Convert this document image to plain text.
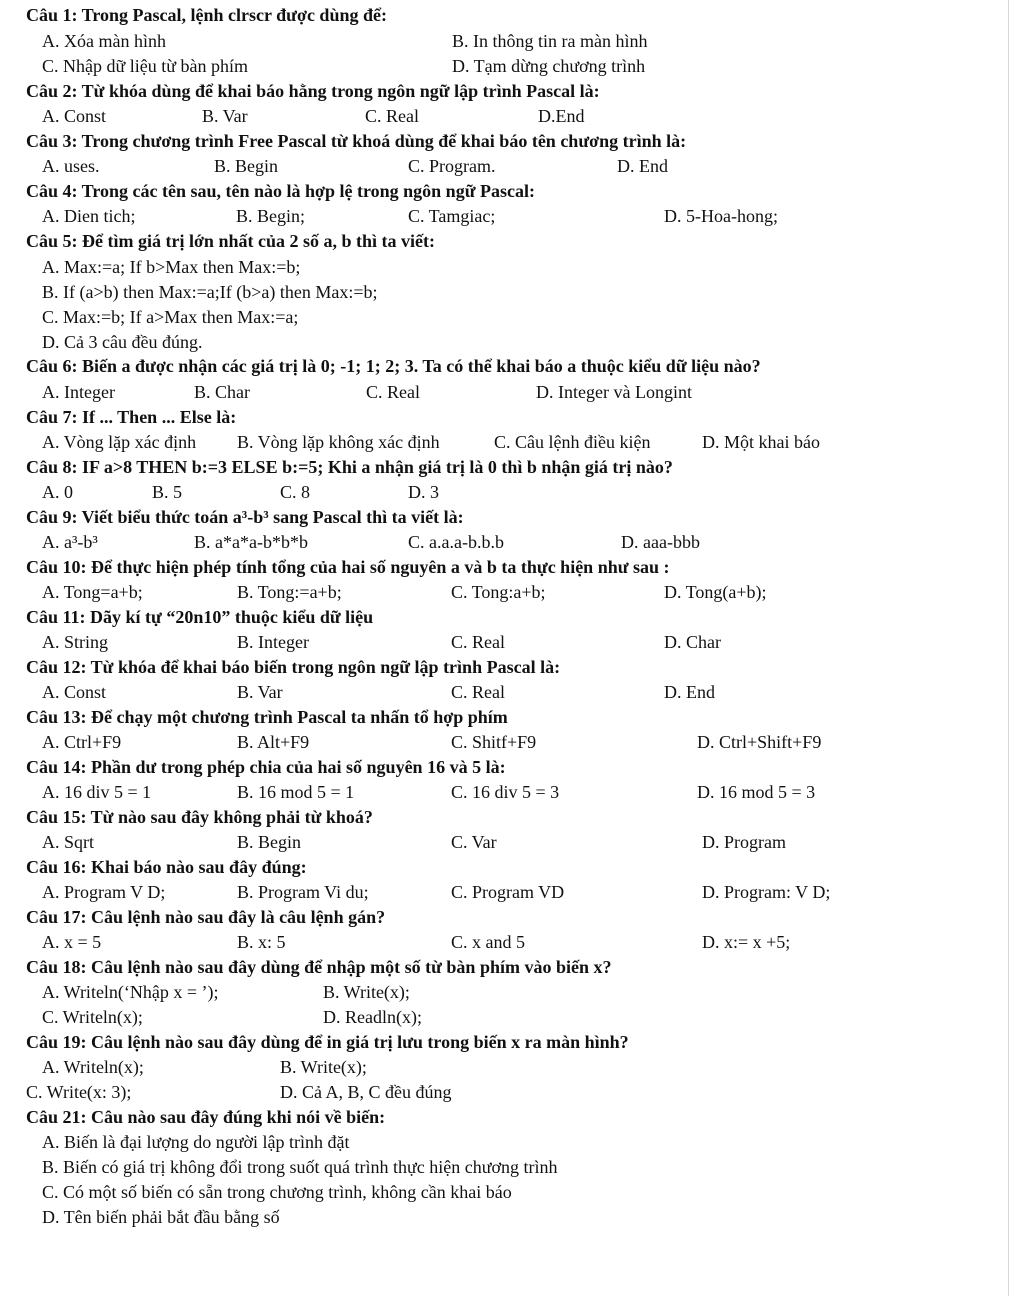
Câu 1: Trong Pascal, lệnh clrscr được dùng để:
A. Xóa màn hình	B. In thông tin ra màn hình
C. Nhập dữ liệu từ bàn phím	D. Tạm dừng chương trình
Câu 2: Từ khóa dùng để khai báo hằng trong ngôn ngữ lập trình Pascal là:
A. Const	B. Var	C. Real	D.End
Câu 3: Trong chương trình Free Pascal từ khoá dùng để khai báo tên chương trình là:
A. uses.	B. Begin	C. Program.	D. End
Câu 4: Trong các tên sau, tên nào là hợp lệ trong ngôn ngữ Pascal:
A. Dien tich;	B. Begin;	C. Tamgiac;	D. 5-Hoa-hong;
Câu 5: Để tìm giá trị lớn nhất của 2 số a, b thì ta viết:
A. Max:=a; If b>Max then Max:=b;
B. If (a>b) then Max:=a;If (b>a) then Max:=b;
C. Max:=b; If a>Max then Max:=a;
D. Cả 3 câu đều đúng.
Câu 6: Biến a được nhận các giá trị là 0; -1; 1; 2; 3. Ta có thể khai báo a thuộc kiểu dữ liệu nào?
A. Integer	B. Char	C. Real	D. Integer và Longint
Câu 7: If ... Then ... Else là:
A. Vòng lặp xác định B. Vòng lặp không xác định	C. Câu lệnh điều kiện	D. Một khai báo
Câu 8: IF a>8 THEN b:=3 ELSE b:=5; Khi a nhận giá trị là 0 thì b nhận giá trị nào?
A. 0	B. 5	C. 8	D. 3
Câu 9: Viết biểu thức toán a³-b³ sang Pascal thì ta viết là:
A. a³-b³	B. a*a*a-b*b*b	C. a.a.a-b.b.b	D. aaa-bbb
Câu 10: Để thực hiện phép tính tổng của hai số nguyên a và b ta thực hiện như sau :
A. Tong=a+b;	B. Tong:=a+b;	C. Tong:a+b;	D. Tong(a+b);
Câu 11: Dãy kí tự “20n10” thuộc kiểu dữ liệu
A. String	B. Integer	C. Real	D. Char
Câu 12: Từ khóa để khai báo biến trong ngôn ngữ lập trình Pascal là:
A. Const	B. Var	C. Real	D. End
Câu 13: Để chạy một chương trình Pascal ta nhấn tổ hợp phím
A. Ctrl+F9	B. Alt+F9	C. Shitf+F9	D. Ctrl+Shift+F9
Câu 14: Phần dư trong phép chia của hai số nguyên 16 và 5 là:
A. 16 div 5 = 1	B. 16 mod 5 = 1	C. 16 div 5 = 3	D. 16 mod 5 = 3
Câu 15: Từ nào sau đây không phải từ khoá?
A. Sqrt	B. Begin	C. Var	D. Program
Câu 16: Khai báo nào sau đây đúng:
A. Program V D;	B. Program Vi du;	C. Program VD	D. Program: V D;
Câu 17: Câu lệnh nào sau đây là câu lệnh gán?
A. x = 5	B. x: 5	C. x and 5	D. x:= x +5;
Câu 18: Câu lệnh nào sau đây dùng để nhập một số từ bàn phím vào biến x?
A. Writeln(‘Nhập x = ’);	B. Write(x);
C. Writeln(x);	D. Readln(x);
Câu 19: Câu lệnh nào sau đây dùng để in giá trị lưu trong biến x ra màn hình?
A. Writeln(x);	B. Write(x);
C. Write(x: 3);	D. Cả A, B, C đều đúng
Câu 21: Câu nào sau đây đúng khi nói về biến:
A. Biến là đại lượng do người lập trình đặt
B. Biến có giá trị không đổi trong suốt quá trình thực hiện chương trình
C. Có một số biến có sẵn trong chương trình, không cần khai báo
D. Tên biến phải bắt đầu bằng số
